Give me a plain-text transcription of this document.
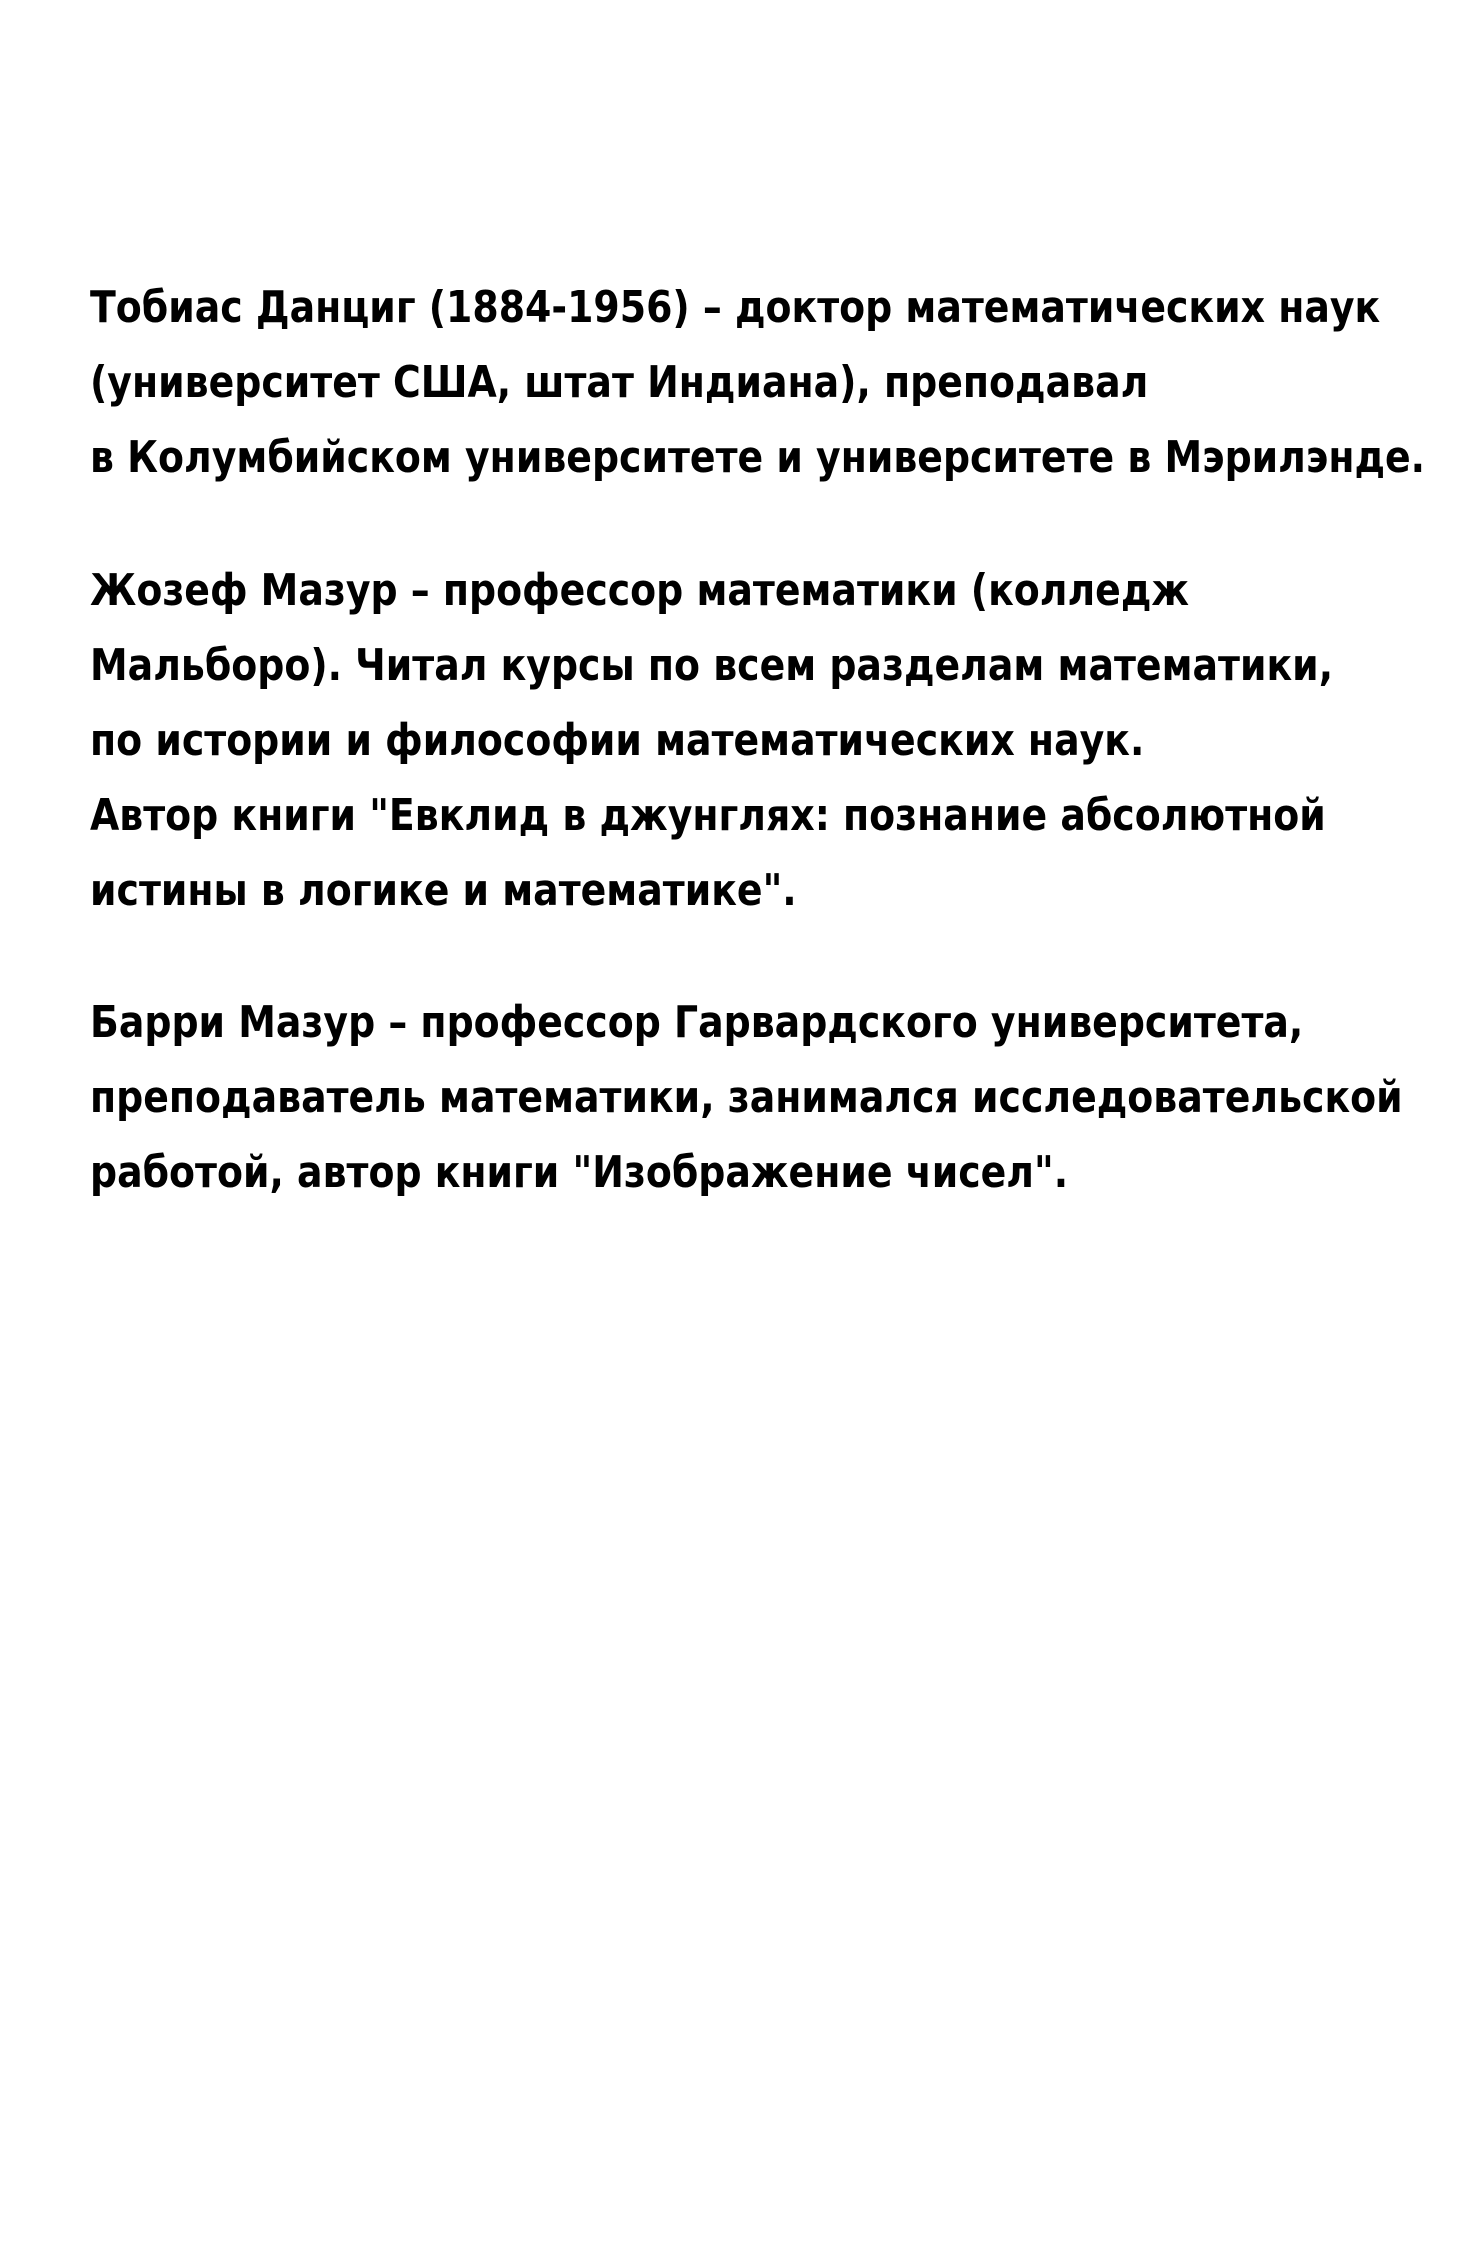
Тобиас Данциг (1884-1956) – доктор математических наук
(университет США, штат Индиана), преподавал
в Колумбийском университете и университете в Мэрилэнде.

Жозеф Мазур – профессор математики (колледж
Мальборо). Читал курсы по всем разделам математики,
по истории и философии математических наук.
Автор книги "Евклид в джунглях: познание абсолютной
истины в логике и математике".

Барри Мазур – профессор Гарвардского университета,
преподаватель математики, занимался исследовательской
работой, автор книги "Изображение чисел".
